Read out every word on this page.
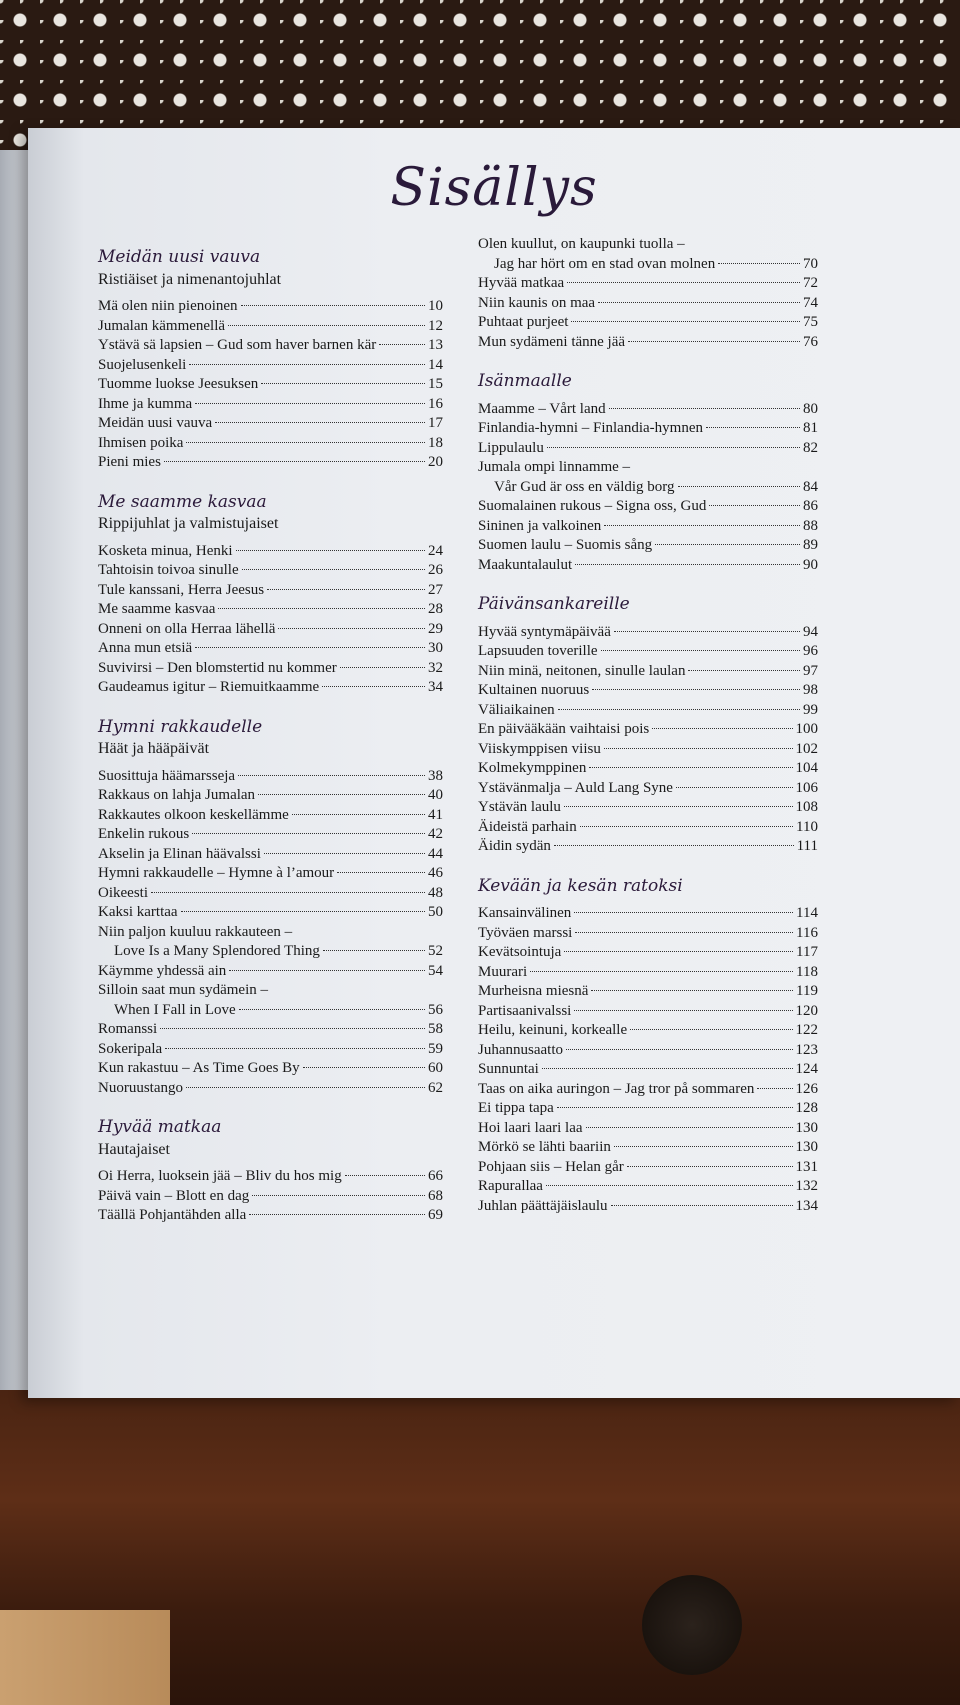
Sisällys
Meidän uusi vauva
Ristiäiset ja nimenantojuhlat
Mä olen niin pienoinen	10
Jumalan kämmenellä	12
Ystävä sä lapsien – Gud som haver barnen kär	13
Suojelusenkeli	14
Tuomme luokse Jeesuksen	15
Ihme ja kumma	16
Meidän uusi vauva	17
Ihmisen poika	18
Pieni mies	20
Me saamme kasvaa
Rippijuhlat ja valmistujaiset
Kosketa minua, Henki	24
Tahtoisin toivoa sinulle	26
Tule kanssani, Herra Jeesus	27
Me saamme kasvaa	28
Onneni on olla Herraa lähellä	29
Anna mun etsiä	30
Suvivirsi – Den blomstertid nu kommer	32
Gaudeamus igitur – Riemuitkaamme	34
Hymni rakkaudelle
Häät ja hääpäivät
Suosittuja häämarsseja	38
Rakkaus on lahja Jumalan	40
Rakkautes olkoon keskellämme	41
Enkelin rukous	42
Akselin ja Elinan häävalssi	44
Hymni rakkaudelle – Hymne à l’amour	46
Oikeesti	48
Kaksi karttaa	50
Niin paljon kuuluu rakkauteen –
Love Is a Many Splendored Thing	52
Käymme yhdessä ain	54
Silloin saat mun sydämein –
When I Fall in Love	56
Romanssi	58
Sokeripala	59
Kun rakastuu – As Time Goes By	60
Nuoruustango	62
Hyvää matkaa
Hautajaiset
Oi Herra, luoksein jää – Bliv du hos mig	66
Päivä vain – Blott en dag	68
Täällä Pohjantähden alla	69
Olen kuullut, on kaupunki tuolla –
Jag har hört om en stad ovan molnen	70
Hyvää matkaa	72
Niin kaunis on maa	74
Puhtaat purjeet	75
Mun sydämeni tänne jää	76
Isänmaalle
Maamme – Vårt land	80
Finlandia-hymni – Finlandia-hymnen	81
Lippulaulu	82
Jumala ompi linnamme –
Vår Gud är oss en väldig borg	84
Suomalainen rukous – Signa oss, Gud	86
Sininen ja valkoinen	88
Suomen laulu – Suomis sång	89
Maakuntalaulut	90
Päivänsankareille
Hyvää syntymäpäivää	94
Lapsuuden toverille	96
Niin minä, neitonen, sinulle laulan	97
Kultainen nuoruus	98
Väliaikainen	99
En päivääkään vaihtaisi pois	100
Viiskymppisen viisu	102
Kolmekymppinen	104
Ystävänmalja – Auld Lang Syne	106
Ystävän laulu	108
Äideistä parhain	110
Äidin sydän	111
Kevään ja kesän ratoksi
Kansainvälinen	114
Työväen marssi	116
Kevätsointuja	117
Muurari	118
Murheisna miesnä	119
Partisaanivalssi	120
Heilu, keinuni, korkealle	122
Juhannusaatto	123
Sunnuntai	124
Taas on aika auringon – Jag tror på sommaren	126
Ei tippa tapa	128
Hoi laari laari laa	130
Mörkö se lähti baariin	130
Pohjaan siis – Helan går	131
Rapurallaa	132
Juhlan päättäjäislaulu	134
